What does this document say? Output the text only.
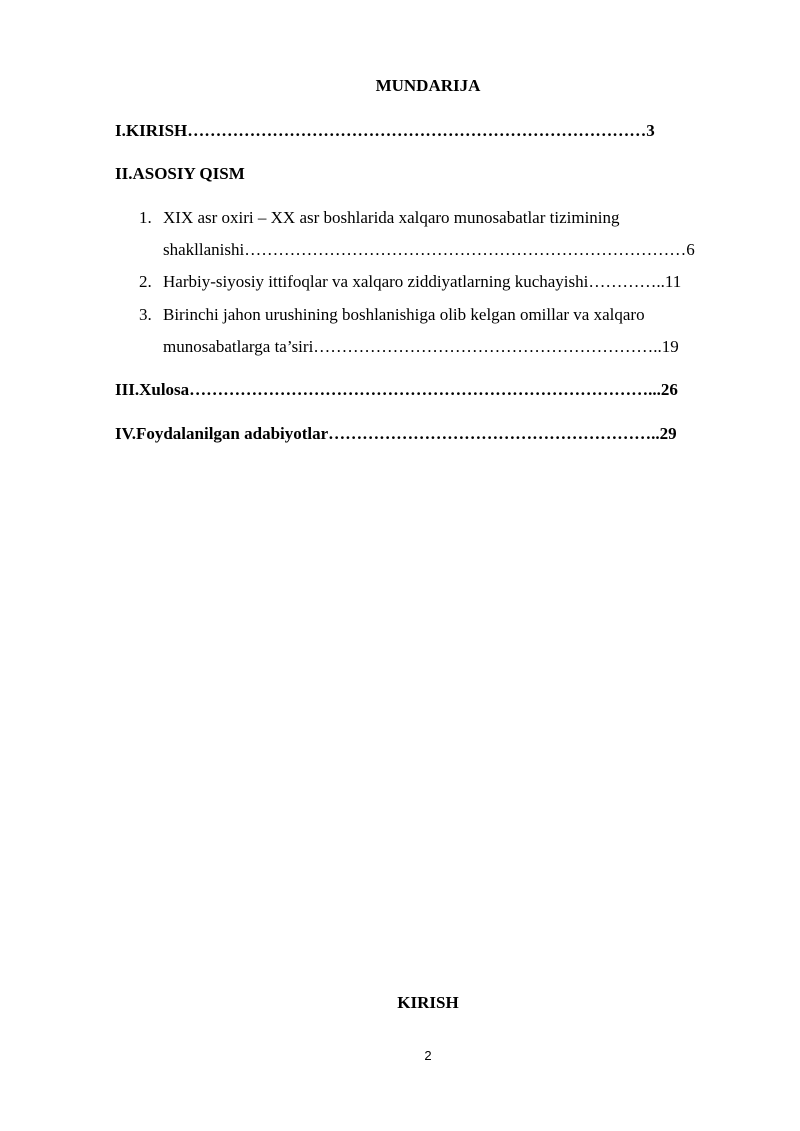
MUNDARIJA

I.KIRISH………………………………………………………………………3

II.ASOSIY QISM

1. XIX asr oxiri – XX asr boshlarida xalqaro munosabatlar tizimining

shakllanishi……………………………………………………………………6

2. Harbiy-siyosiy ittifoqlar va xalqaro ziddiyatlarning kuchayishi…………..11

3. Birinchi jahon urushining boshlanishiga olib kelgan omillar va xalqaro

munosabatlarga ta’siri……………………………………………………..19

III.Xulosa………………………………………………………………………...26

IV.Foydalanilgan adabiyotlar…………………………………………………..29

KIRISH

2
